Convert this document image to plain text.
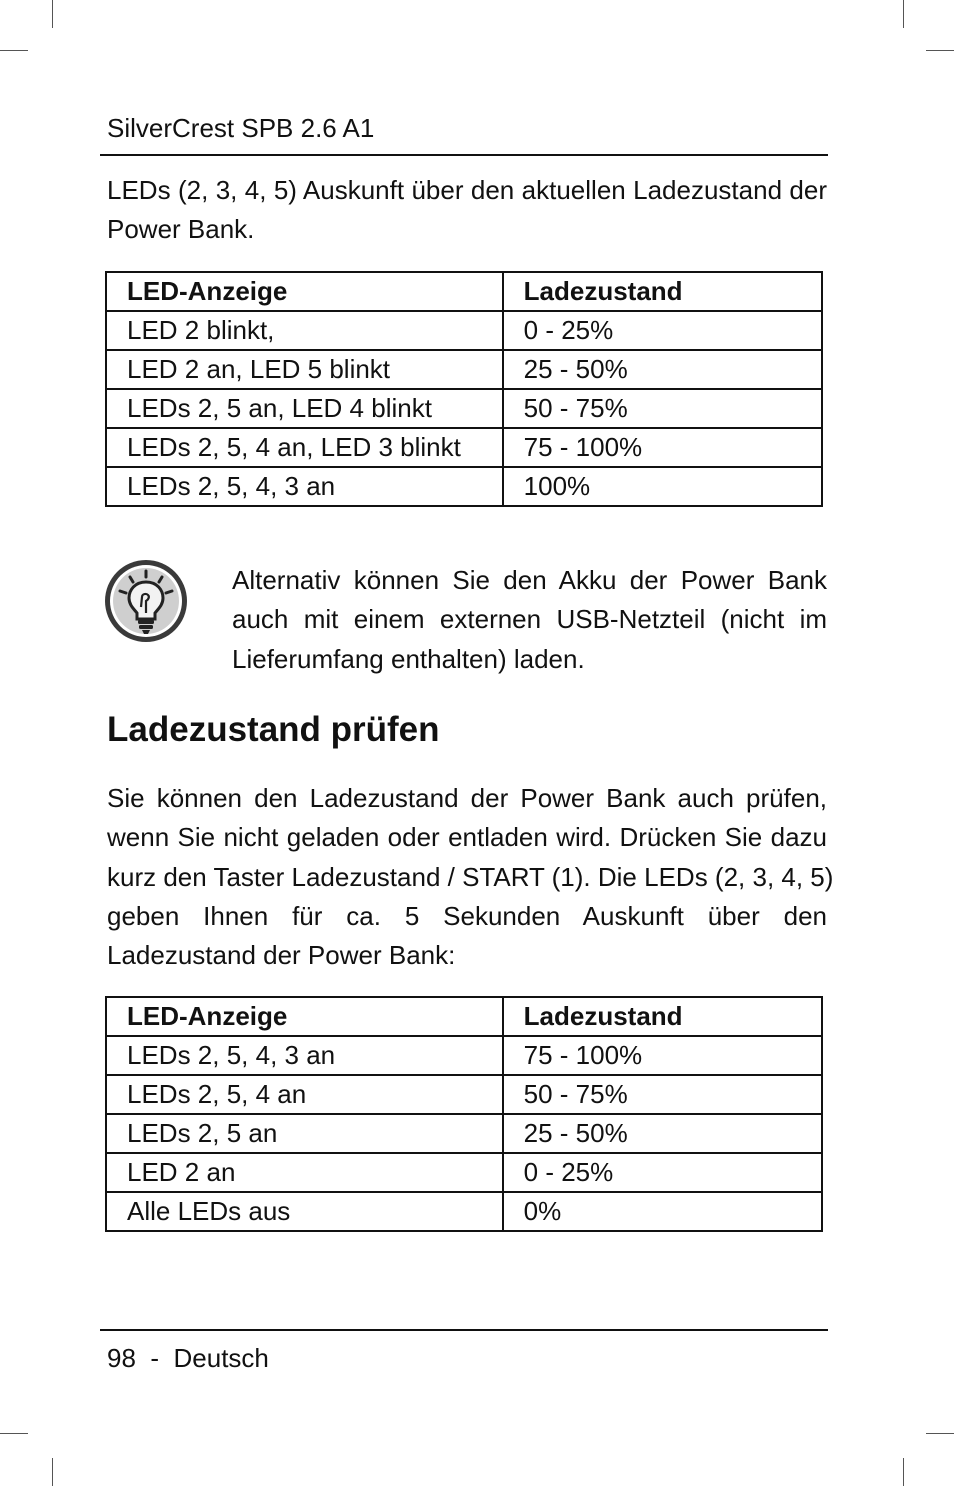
SilverCrest SPB 2.6 A1
LEDs (2, 3, 4, 5) Auskunft über den aktuellen Ladezustand der
Power Bank.
LED-Anzeige	Ladezustand
LED 2 blinkt,	0 - 25%
LED 2 an, LED 5 blinkt	25 - 50%
LEDs 2, 5 an, LED 4 blinkt	50 - 75%
LEDs 2, 5, 4 an, LED 3 blinkt	75 - 100%
LEDs 2, 5, 4, 3 an	100%
Alternativ können Sie den Akku der Power Bank
auch mit einem externen USB-Netzteil (nicht im
Lieferumfang enthalten) laden.
Ladezustand prüfen
Sie können den Ladezustand der Power Bank auch prüfen,
wenn Sie nicht geladen oder entladen wird. Drücken Sie dazu
kurz den Taster Ladezustand / START (1). Die LEDs (2, 3, 4, 5)
geben Ihnen für ca. 5 Sekunden Auskunft über den
Ladezustand der Power Bank:
LED-Anzeige	Ladezustand
LEDs 2, 5, 4, 3 an	75 - 100%
LEDs 2, 5, 4 an	50 - 75%
LEDs 2, 5 an	25 - 50%
LED 2 an	0 - 25%
Alle LEDs aus	0%
98 - Deutsch
